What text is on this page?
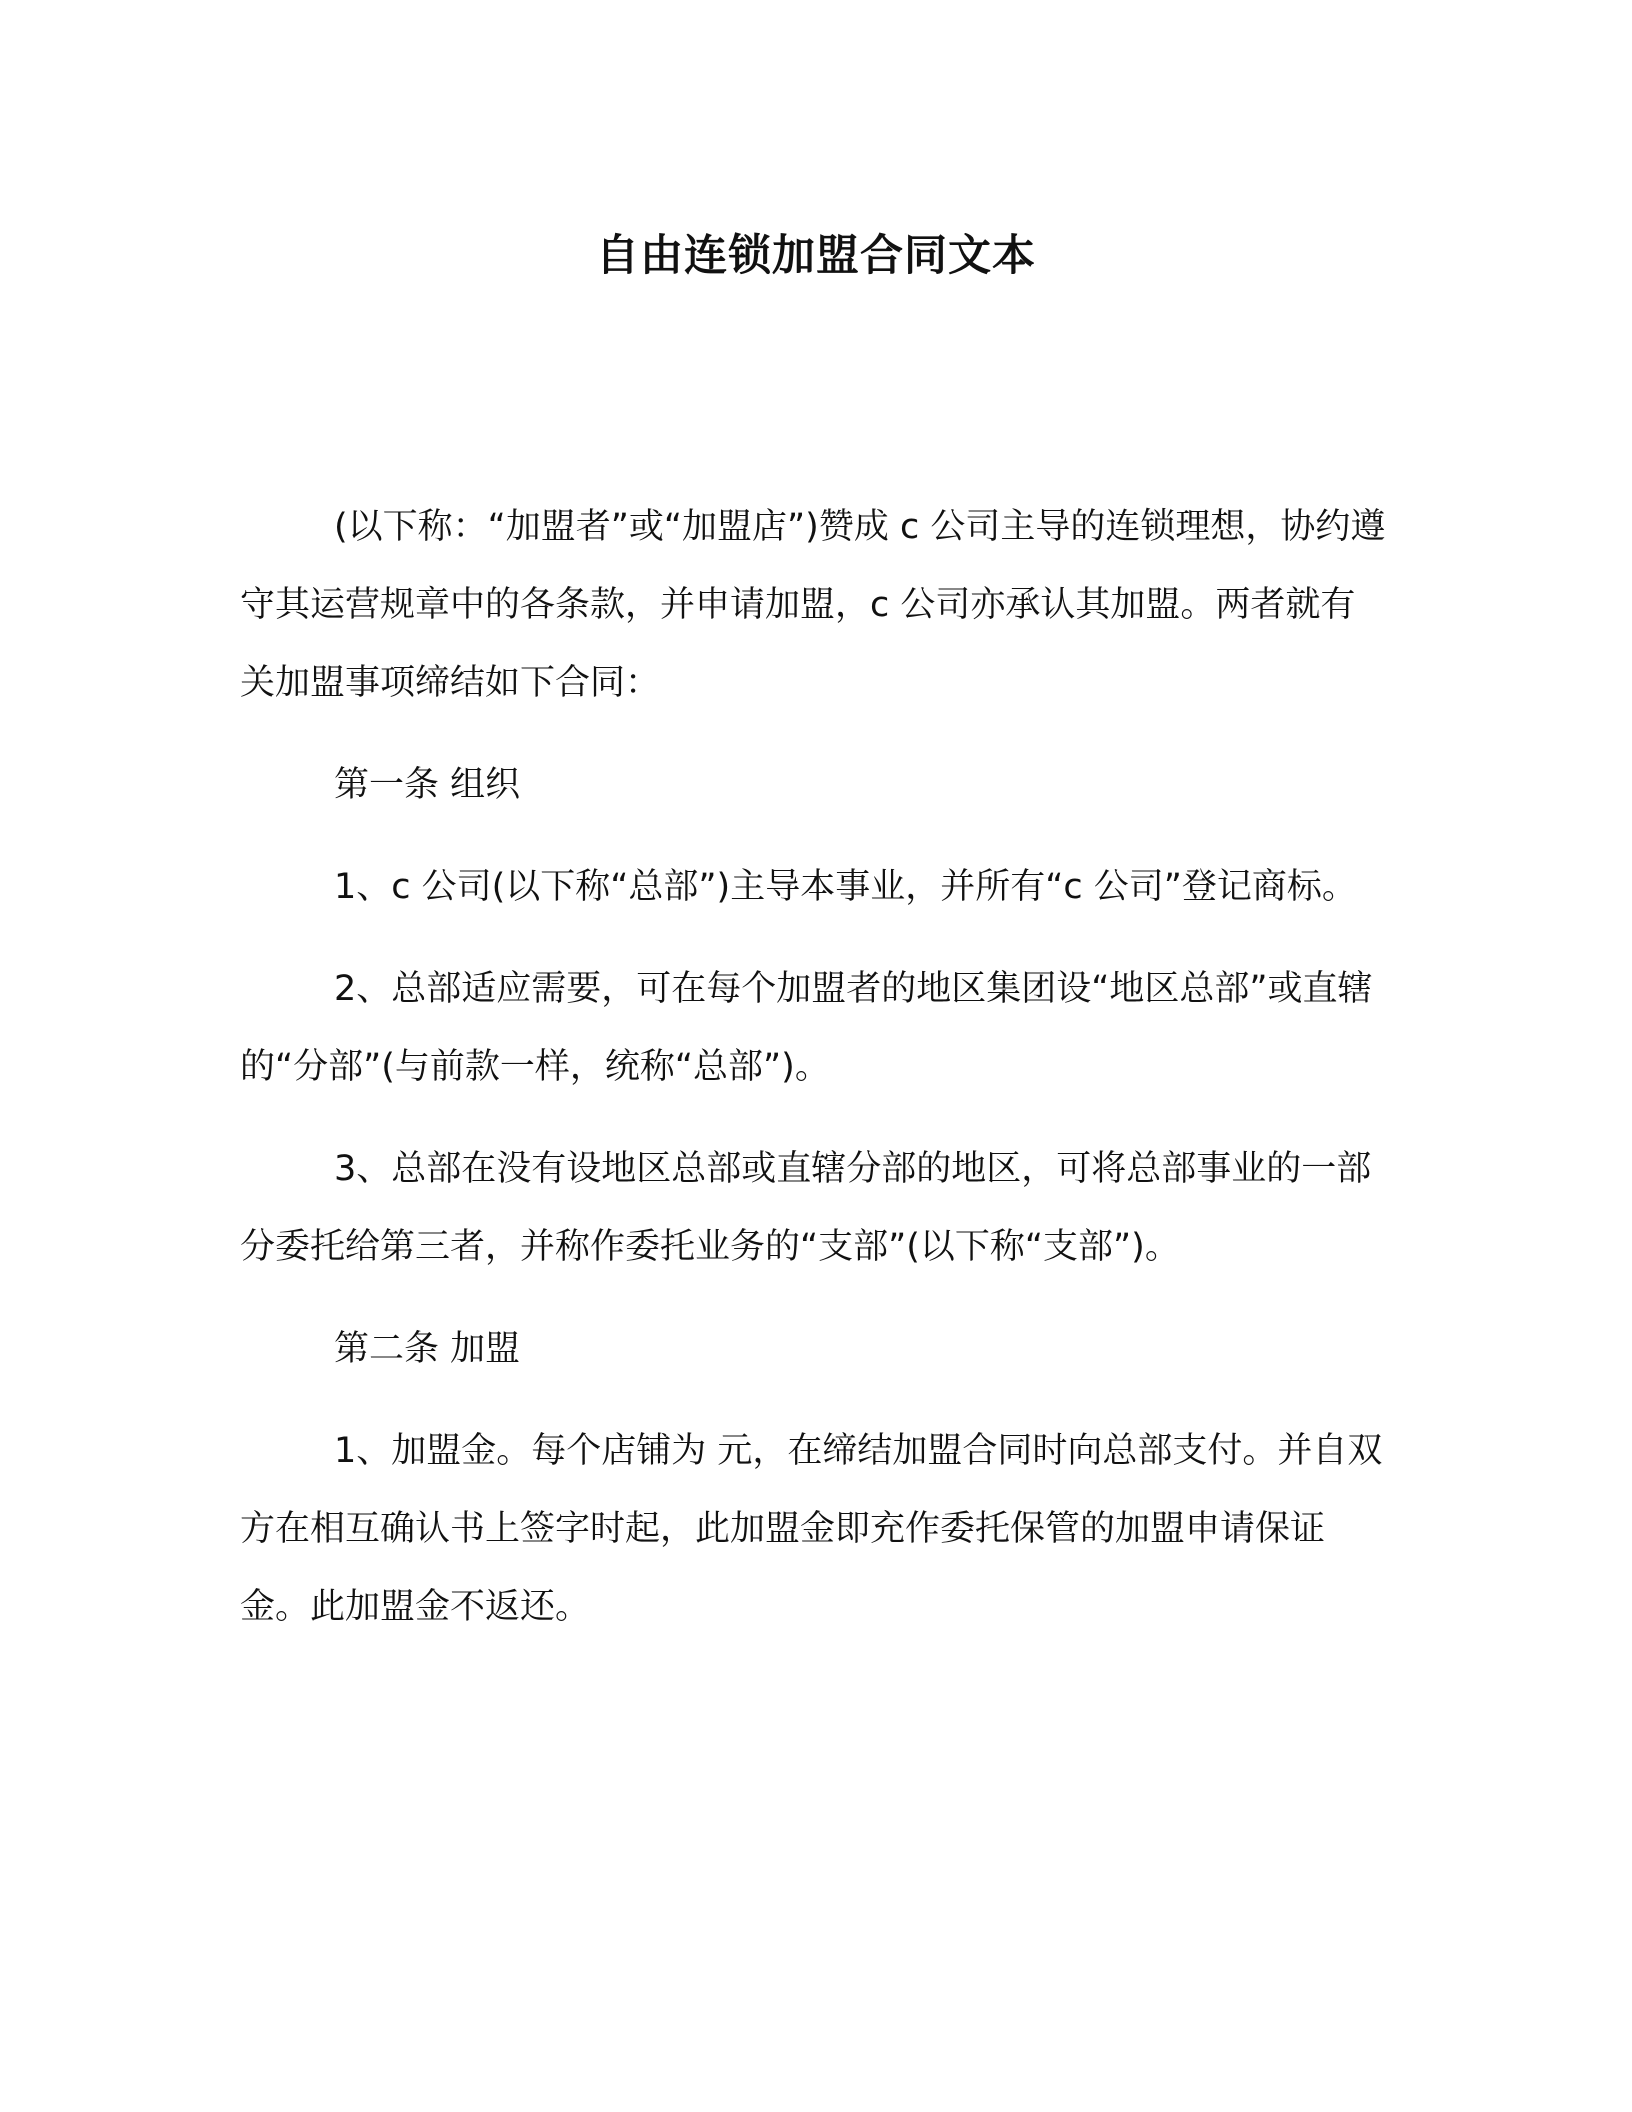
自由连锁加盟合同文本

(以下称：“加盟者”或“加盟店”)赞成 c 公司主导的连锁理想，协约遵守其运营规章中的各条款，并申请加盟，c 公司亦承认其加盟。两者就有关加盟事项缔结如下合同：

第一条 组织

1、c 公司(以下称“总部”)主导本事业，并所有“c 公司”登记商标。

2、总部适应需要，可在每个加盟者的地区集团设“地区总部”或直辖的“分部”(与前款一样，统称“总部”)。

3、总部在没有设地区总部或直辖分部的地区，可将总部事业的一部分委托给第三者，并称作委托业务的“支部”(以下称“支部”)。

第二条 加盟

1、加盟金。每个店铺为 元，在缔结加盟合同时向总部支付。并自双方在相互确认书上签字时起，此加盟金即充作委托保管的加盟申请保证金。此加盟金不返还。
